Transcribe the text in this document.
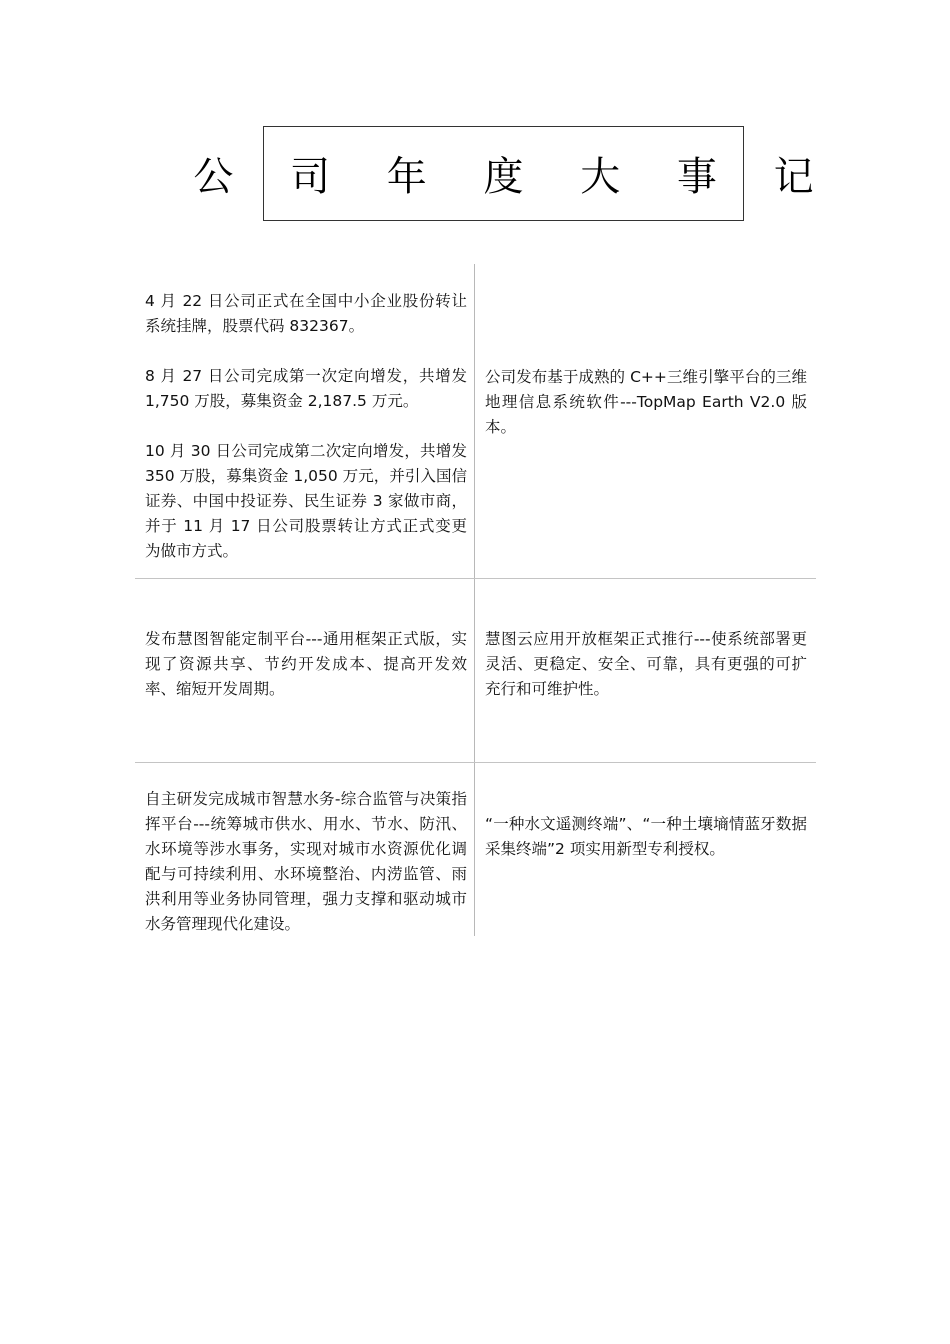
公 司 年 度 大 事 记

4 月 22 日公司正式在全国中小企业股份转让系统挂牌，股票代码 832367。

8 月 27 日公司完成第一次定向增发，共增发 1,750 万股，募集资金 2,187.5 万元。

10 月 30 日公司完成第二次定向增发，共增发 350 万股，募集资金 1,050 万元，并引入国信证券、中国中投证券、民生证券 3 家做市商，并于 11 月 17 日公司股票转让方式正式变更为做市方式。

公司发布基于成熟的 C++三维引擎平台的三维地理信息系统软件---TopMap Earth V2.0 版本。

发布慧图智能定制平台---通用框架正式版，实现了资源共享、节约开发成本、提高开发效率、缩短开发周期。

慧图云应用开放框架正式推行---使系统部署更灵活、更稳定、安全、可靠，具有更强的可扩充行和可维护性。

自主研发完成城市智慧水务-综合监管与决策指挥平台---统筹城市供水、用水、节水、防汛、水环境等涉水事务，实现对城市水资源优化调配与可持续利用、水环境整治、内涝监管、雨洪利用等业务协同管理，强力支撑和驱动城市水务管理现代化建设。

“一种水文遥测终端”、“一种土壤墒情蓝牙数据采集终端”2 项实用新型专利授权。
